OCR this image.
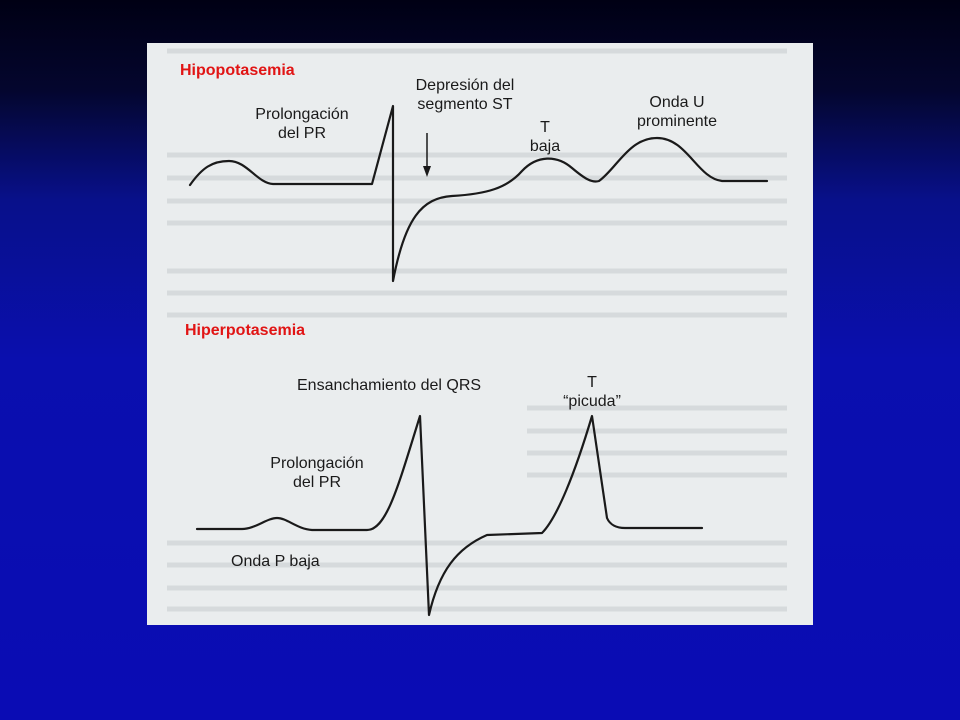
Hipopotasemia
Prolongación
del PR
Depresión del
segmento ST
T
baja
Onda U
prominente
Hiperpotasemia
Ensanchamiento del QRS	T
“picuda”
Prolongación
del PR
Onda P baja
